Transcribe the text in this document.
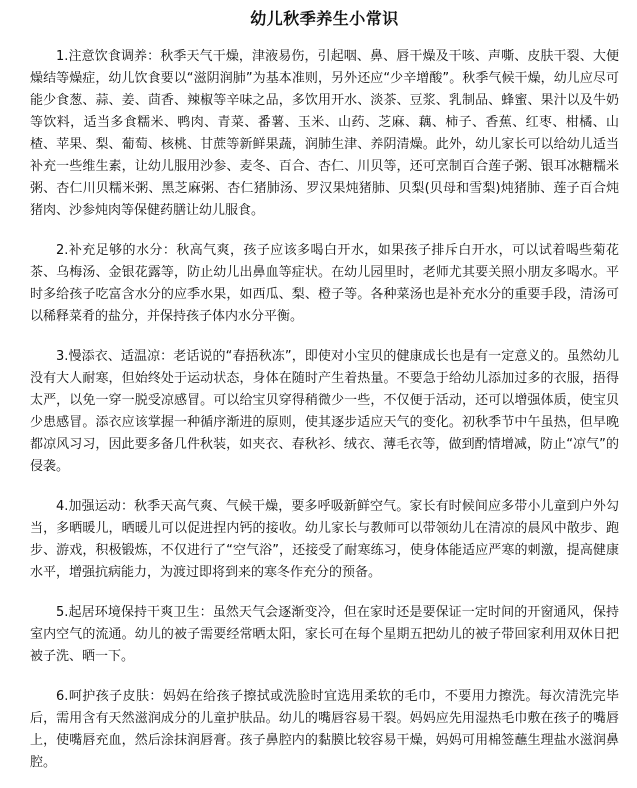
幼儿秋季养生小常识

1.注意饮食调养：秋季天气干燥，津液易伤，引起咽、鼻、唇干燥及干咳、声嘶、皮肤干裂、大便燥结等燥症，幼儿饮食要以“滋阴润肺”为基本准则，另外还应“少辛增酸”。秋季气候干燥，幼儿应尽可能少食葱、蒜、姜、茴香、辣椒等辛味之品，多饮用开水、淡茶、豆浆、乳制品、蜂蜜、果汁以及牛奶等饮料，适当多食糯米、鸭肉、青菜、番薯、玉米、山药、芝麻、藕、柿子、香蕉、红枣、柑橘、山楂、苹果、梨、葡萄、核桃、甘蔗等新鲜果蔬，润肺生津、养阴清燥。此外，幼儿家长可以给幼儿适当补充一些维生素，让幼儿服用沙参、麦冬、百合、杏仁、川贝等，还可烹制百合莲子粥、银耳冰糖糯米粥、杏仁川贝糯米粥、黑芝麻粥、杏仁猪肺汤、罗汉果炖猪肺、贝梨(贝母和雪梨)炖猪肺、莲子百合炖猪肉、沙参炖肉等保健药膳让幼儿服食。

2.补充足够的水分：秋高气爽，孩子应该多喝白开水，如果孩子排斥白开水，可以试着喝些菊花茶、乌梅汤、金银花露等，防止幼儿出鼻血等症状。在幼儿园里时，老师尤其要关照小朋友多喝水。平时多给孩子吃富含水分的应季水果，如西瓜、梨、橙子等。各种菜汤也是补充水分的重要手段，清汤可以稀释菜肴的盐分，并保持孩子体内水分平衡。

3.慢添衣、适温凉：老话说的“春捂秋冻”，即使对小宝贝的健康成长也是有一定意义的。虽然幼儿没有大人耐寒，但始终处于运动状态，身体在随时产生着热量。不要急于给幼儿添加过多的衣服，捂得太严，以免一穿一脱受凉感冒。可以给宝贝穿得稍微少一些，不仅便于活动，还可以增强体质，使宝贝少患感冒。添衣应该掌握一种循序渐进的原则，使其逐步适应天气的变化。初秋季节中午虽热，但早晚都凉风习习，因此要多备几件秋装，如夹衣、春秋衫、绒衣、薄毛衣等，做到酌情增减，防止“凉气”的侵袭。

4.加强运动：秋季天高气爽、气候干燥，要多呼吸新鲜空气。家长有时候间应多带小儿童到户外勾当，多晒暖儿，晒暖儿可以促进捏内钙的接收。幼儿家长与教师可以带领幼儿在清凉的晨风中散步、跑步、游戏，积极锻炼，不仅进行了“空气浴”，还接受了耐寒练习，使身体能适应严寒的刺激，提高健康水平，增强抗病能力，为渡过即将到来的寒冬作充分的预备。

5.起居环境保持干爽卫生：虽然天气会逐渐变冷，但在家时还是要保证一定时间的开窗通风，保持室内空气的流通。幼儿的被子需要经常晒太阳，家长可在每个星期五把幼儿的被子带回家利用双休日把被子洗、晒一下。

6.呵护孩子皮肤：妈妈在给孩子擦拭或洗脸时宜选用柔软的毛巾，不要用力擦洗。每次清洗完毕后，需用含有天然滋润成分的儿童护肤品。幼儿的嘴唇容易干裂。妈妈应先用湿热毛巾敷在孩子的嘴唇上，使嘴唇充血，然后涂抹润唇膏。孩子鼻腔内的黏膜比较容易干燥，妈妈可用棉签蘸生理盐水滋润鼻腔。
